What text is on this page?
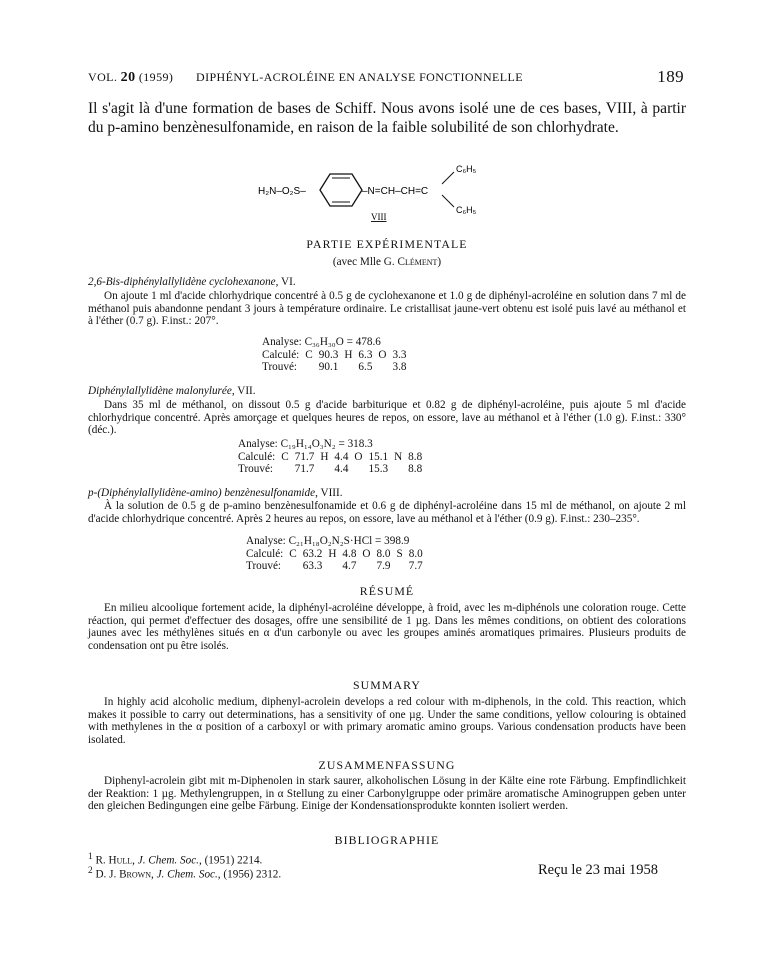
VOL. 20 (1959) DIPHÉNYL-ACROLÉINE EN ANALYSE FONCTIONNELLE	189

Il s'agit là d'une formation de bases de Schiff. Nous avons isolé une de ces bases, VIII, à partir du p-amino benzènesulfonamide, en raison de la faible solubilité de son chlorhydrate.

H₂N–O₂S–	–N=CH–CH=C
C₆H₅
C₆H₅
VIII
PARTIE EXPÉRIMENTALE
(avec Mlle G. Clément)
2,6-Bis-diphénylallylidène cyclohexanone, VI.

On ajoute 1 ml d'acide chlorhydrique concentré à 0.5 g de cyclohexanone et 1.0 g de diphényl-acroléine en solution dans 7 ml de méthanol puis abandonne pendant 3 jours à température ordinaire. Le cristallisat jaune-vert obtenu est isolé puis lavé au méthanol et à l'éther (0.7 g). F.inst.: 207°.

Analyse: C₃₆H₃₀O = 478.6
Calculé:	C	90.3	H	6.3	O	3.3
Trouvé:		90.1		6.5		3.8
Diphénylallylidène malonylurée, VII.

Dans 35 ml de méthanol, on dissout 0.5 g d'acide barbiturique et 0.82 g de diphényl-acroléine, puis ajoute 5 ml d'acide chlorhydrique concentré. Après amorçage et quelques heures de repos, on essore, lave au méthanol et à l'éther (1.0 g). F.inst.: 330° (déc.).

Analyse: C₁₉H₁₄O₃N₂ = 318.3
Calculé:	C	71.7	H	4.4	O	15.1	N	8.8
Trouvé:		71.7		4.4		15.3		8.8
p-(Diphénylallylidène-amino) benzènesulfonamide, VIII.

À la solution de 0.5 g de p-amino benzènesulfonamide et 0.6 g de diphényl-acroléine dans 15 ml de méthanol, on ajoute 2 ml d'acide chlorhydrique concentré. Après 2 heures au repos, on essore, lave au méthanol et à l'éther (0.9 g). F.inst.: 230–235°.

Analyse: C₂₁H₁₈O₂N₂S·HCl = 398.9
Calculé:	C	63.2	H	4.8	O	8.0	S	8.0
Trouvé:		63.3		4.7		7.9		7.7
RÉSUMÉ

En milieu alcoolique fortement acide, la diphényl-acroléine développe, à froid, avec les m-diphénols une coloration rouge. Cette réaction, qui permet d'effectuer des dosages, offre une sensibilité de 1 µg. Dans les mêmes conditions, on obtient des colorations jaunes avec les méthylènes situés en α d'un carbonyle ou avec les groupes aminés aromatiques primaires. Plusieurs produits de condensation ont pu être isolés.

SUMMARY

In highly acid alcoholic medium, diphenyl-acrolein develops a red colour with m-diphenols, in the cold. This reaction, which makes it possible to carry out determinations, has a sensitivity of one µg. Under the same conditions, yellow colouring is obtained with methylenes in the α position of a carboxyl or with primary aromatic amino groups. Various condensation products have been isolated.

ZUSAMMENFASSUNG

Diphenyl-acrolein gibt mit m-Diphenolen in stark saurer, alkoholischen Lösung in der Kälte eine rote Färbung. Empfindlichkeit der Reaktion: 1 µg. Methylengruppen, in α Stellung zu einer Carbonylgruppe oder primäre aromatische Aminogruppen geben unter den gleichen Bedingungen eine gelbe Färbung. Einige der Kondensationsprodukte konnten isoliert werden.

BIBLIOGRAPHIE
$^1$ R. Hull, J. Chem. Soc., (1951) 2214.
$^2$ D. J. Brown, J. Chem. Soc., (1956) 2312.	Reçu le 23 mai 1958
